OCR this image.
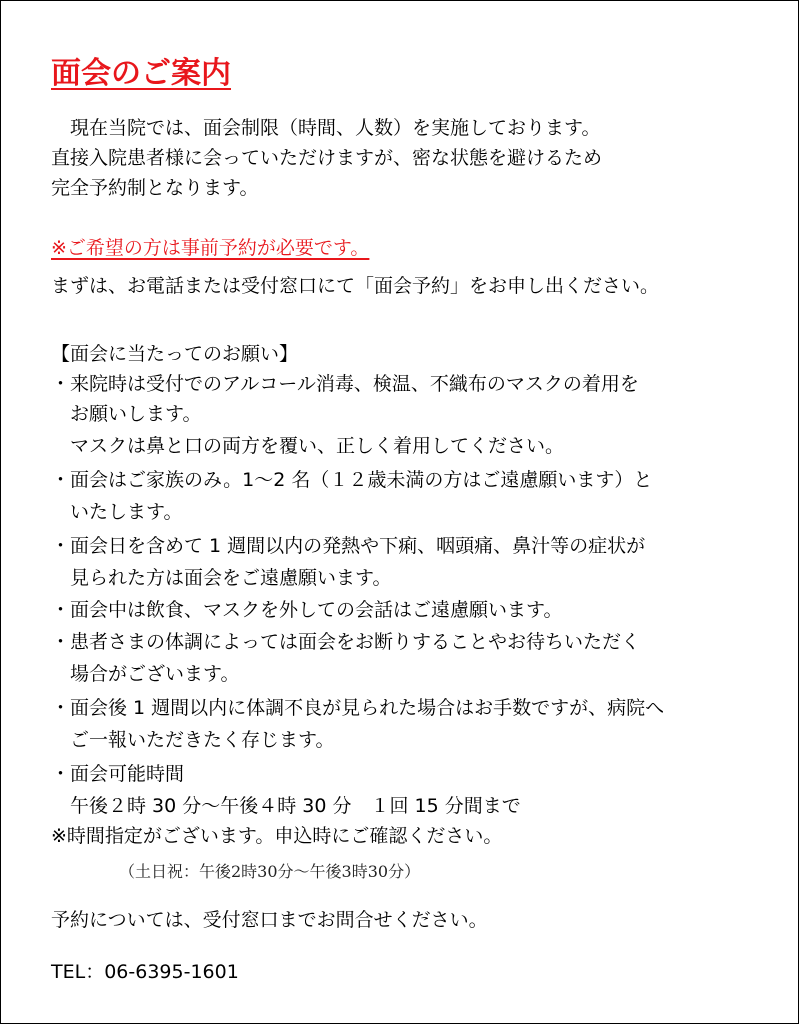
面会のご案内
　現在当院では、面会制限（時間、人数）を実施しております。
直接入院患者様に会っていただけますが、密な状態を避けるため
完全予約制となります。
※ご希望の方は事前予約が必要です。
まずは、お電話または受付窓口にて「面会予約」をお申し出ください。
【面会に当たってのお願い】
・来院時は受付でのアルコール消毒、検温、不織布のマスクの着用を
　お願いします。
　マスクは鼻と口の両方を覆い、正しく着用してください。
・面会はご家族のみ。1～2 名（１２歳未満の方はご遠慮願います）と
　いたします。
・面会日を含めて 1 週間以内の発熱や下痢、咽頭痛、鼻汁等の症状が
　見られた方は面会をご遠慮願います。
・面会中は飲食、マスクを外しての会話はご遠慮願います。
・患者さまの体調によっては面会をお断りすることやお待ちいただく
　場合がございます。
・面会後 1 週間以内に体調不良が見られた場合はお手数ですが、病院へ
　ご一報いただきたく存じます。
・面会可能時間
　午後２時 30 分～午後４時 30 分　１回 15 分間まで
※時間指定がございます。申込時にご確認ください。
（土日祝：午後2時30分～午後3時30分）
予約については、受付窓口までお問合せください。
TEL：06-6395-1601
